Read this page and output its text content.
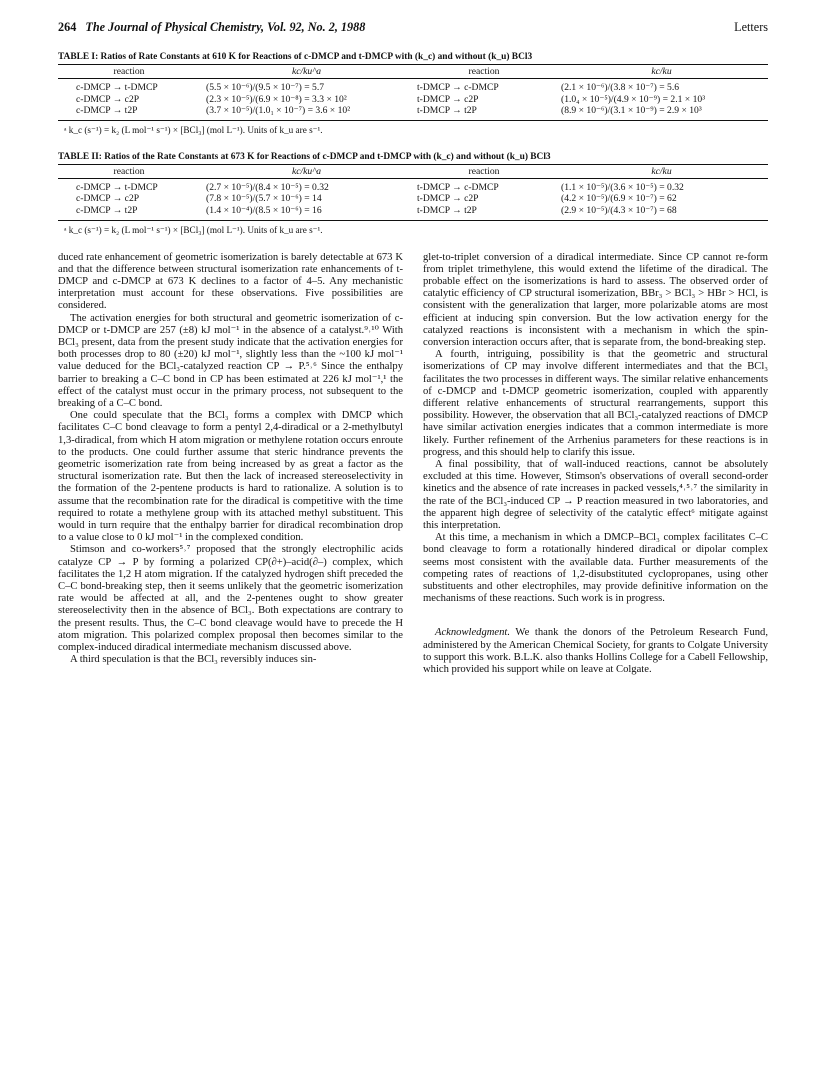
264 The Journal of Physical Chemistry, Vol. 92, No. 2, 1988	Letters
TABLE I: Ratios of Rate Constants at 610 K for Reactions of c-DMCP and t-DMCP with (k_c) and without (k_u) BCl3
reaction	kc/ku^a	reaction	kc/ku
c-DMCP → t-DMCP	(5.5 × 10⁻⁶)/(9.5 × 10⁻⁷) = 5.7	t-DMCP → c-DMCP	(2.1 × 10⁻⁶)/(3.8 × 10⁻⁷) = 5.6
c-DMCP → c2P	(2.3 × 10⁻⁵)/(6.9 × 10⁻⁸) = 3.3 × 10²	t-DMCP → c2P	(1.0₄ × 10⁻⁵)/(4.9 × 10⁻⁹) = 2.1 × 10³
c-DMCP → t2P	(3.7 × 10⁻⁵)/(1.0₁ × 10⁻⁷) = 3.6 × 10²	t-DMCP → t2P	(8.9 × 10⁻⁶)/(3.1 × 10⁻⁹) = 2.9 × 10³
ᵃ k_c (s⁻¹) = k₂ (L mol⁻¹ s⁻¹) × [BCl₃] (mol L⁻¹). Units of k_u are s⁻¹.
TABLE II: Ratios of the Rate Constants at 673 K for Reactions of c-DMCP and t-DMCP with (k_c) and without (k_u) BCl3
reaction	kc/ku^a	reaction	kc/ku
c-DMCP → t-DMCP	(2.7 × 10⁻⁵)/(8.4 × 10⁻⁵) = 0.32	t-DMCP → c-DMCP	(1.1 × 10⁻⁵)/(3.6 × 10⁻⁵) = 0.32
c-DMCP → c2P	(7.8 × 10⁻⁵)/(5.7 × 10⁻⁶) = 14	t-DMCP → c2P	(4.2 × 10⁻⁵)/(6.9 × 10⁻⁷) = 62
c-DMCP → t2P	(1.4 × 10⁻⁴)/(8.5 × 10⁻⁶) = 16	t-DMCP → t2P	(2.9 × 10⁻⁵)/(4.3 × 10⁻⁷) = 68
ᵃ k_c (s⁻¹) = k₂ (L mol⁻¹ s⁻¹) × [BCl₃] (mol L⁻¹). Units of k_u are s⁻¹.

duced rate enhancement of geometric isomerization is barely detectable at 673 K and that the difference between structural isomerization rate enhancements of t-DMCP and c-DMCP at 673 K declines to a factor of 4–5. Any mechanistic interpretation must account for these observations. Five possibilities are considered.

The activation energies for both structural and geometric isomerization of c-DMCP or t-DMCP are 257 (±8) kJ mol⁻¹ in the absence of a catalyst.⁹˒¹⁰ With BCl₃ present, data from the present study indicate that the activation energies for both processes drop to 80 (±20) kJ mol⁻¹, slightly less than the ~100 kJ mol⁻¹ value deduced for the BCl₃-catalyzed reaction CP → P.⁵˒⁶ Since the enthalpy barrier to breaking a C–C bond in CP has been estimated at 226 kJ mol⁻¹,¹ the effect of the catalyst must occur in the primary process, not subsequent to the breaking of a C–C bond.

One could speculate that the BCl₃ forms a complex with DMCP which facilitates C–C bond cleavage to form a pentyl 2,4-diradical or a 2-methylbutyl 1,3-diradical, from which H atom migration or methylene rotation occurs enroute to the products. One could further assume that steric hindrance prevents the geometric isomerization rate from being increased by as great a factor as the structural isomerization rate. But then the lack of increased stereoselectivity in the formation of the 2-pentene products is hard to rationalize. A solution is to assume that the recombination rate for the diradical is competitive with the time required to rotate a methylene group with its attached methyl substituent. This would in turn require that the enthalpy barrier for diradical recombination drop to a value close to 0 kJ mol⁻¹ in the complexed condition.

Stimson and co-workers⁵˒⁷ proposed that the strongly electrophilic acids catalyze CP → P by forming a polarized CP(∂+)–acid(∂–) complex, which facilitates the 1,2 H atom migration. If the catalyzed hydrogen shift preceded the C–C bond-breaking step, then it seems unlikely that the geometric isomerization rate would be affected at all, and the 2-pentenes ought to show greater stereoselectivity then in the absence of BCl₃. Both expectations are contrary to the present results. Thus, the C–C bond cleavage would have to precede the H atom migration. This polarized complex proposal then becomes similar to the complex-induced diradical intermediate mechanism discussed above.

A third speculation is that the BCl₃ reversibly induces sin-

glet-to-triplet conversion of a diradical intermediate. Since CP cannot re-form from triplet trimethylene, this would extend the lifetime of the diradical. The probable effect on the isomerizations is hard to assess. The observed order of catalytic efficiency of CP structural isomerization, BBr₃ > BCl₃ > HBr > HCl, is consistent with the generalization that larger, more polarizable atoms are most efficient at inducing spin conversion. But the low activation energy for the catalyzed reactions is inconsistent with a mechanism in which the spin-conversion interaction occurs after, that is separate from, the bond-breaking step.

A fourth, intriguing, possibility is that the geometric and structural isomerizations of CP may involve different intermediates and that the BCl₃ facilitates the two processes in different ways. The similar relative enhancements of c-DMCP and t-DMCP geometric isomerization, coupled with apparently different relative enhancements of structural rearrangements, support this possibility. However, the observation that all BCl₃-catalyzed reactions of DMCP have similar activation energies indicates that a common intermediate is more likely. Further refinement of the Arrhenius parameters for these reactions is in progress, and this should help to clarify this issue.

A final possibility, that of wall-induced reactions, cannot be absolutely excluded at this time. However, Stimson's observations of overall second-order kinetics and the absence of rate increases in packed vessels,⁴˒⁵˒⁷ the similarity in the rate of the BCl₃-induced CP → P reaction measured in two laboratories, and the apparent high degree of selectivity of the catalytic effect⁶ mitigate against this interpretation.

At this time, a mechanism in which a DMCP–BCl₃ complex facilitates C–C bond cleavage to form a rotationally hindered diradical or dipolar complex seems most consistent with the available data. Further measurements of the competing rates of reactions of 1,2-disubstituted cyclopropanes, using other substituents and other electrophiles, may provide definitive information on the mechanisms of these reactions. Such work is in progress.

Acknowledgment. We thank the donors of the Petroleum Research Fund, administered by the American Chemical Society, for grants to Colgate University to support this work. B.L.K. also thanks Hollins College for a Cabell Fellowship, which provided his support while on leave at Colgate.
